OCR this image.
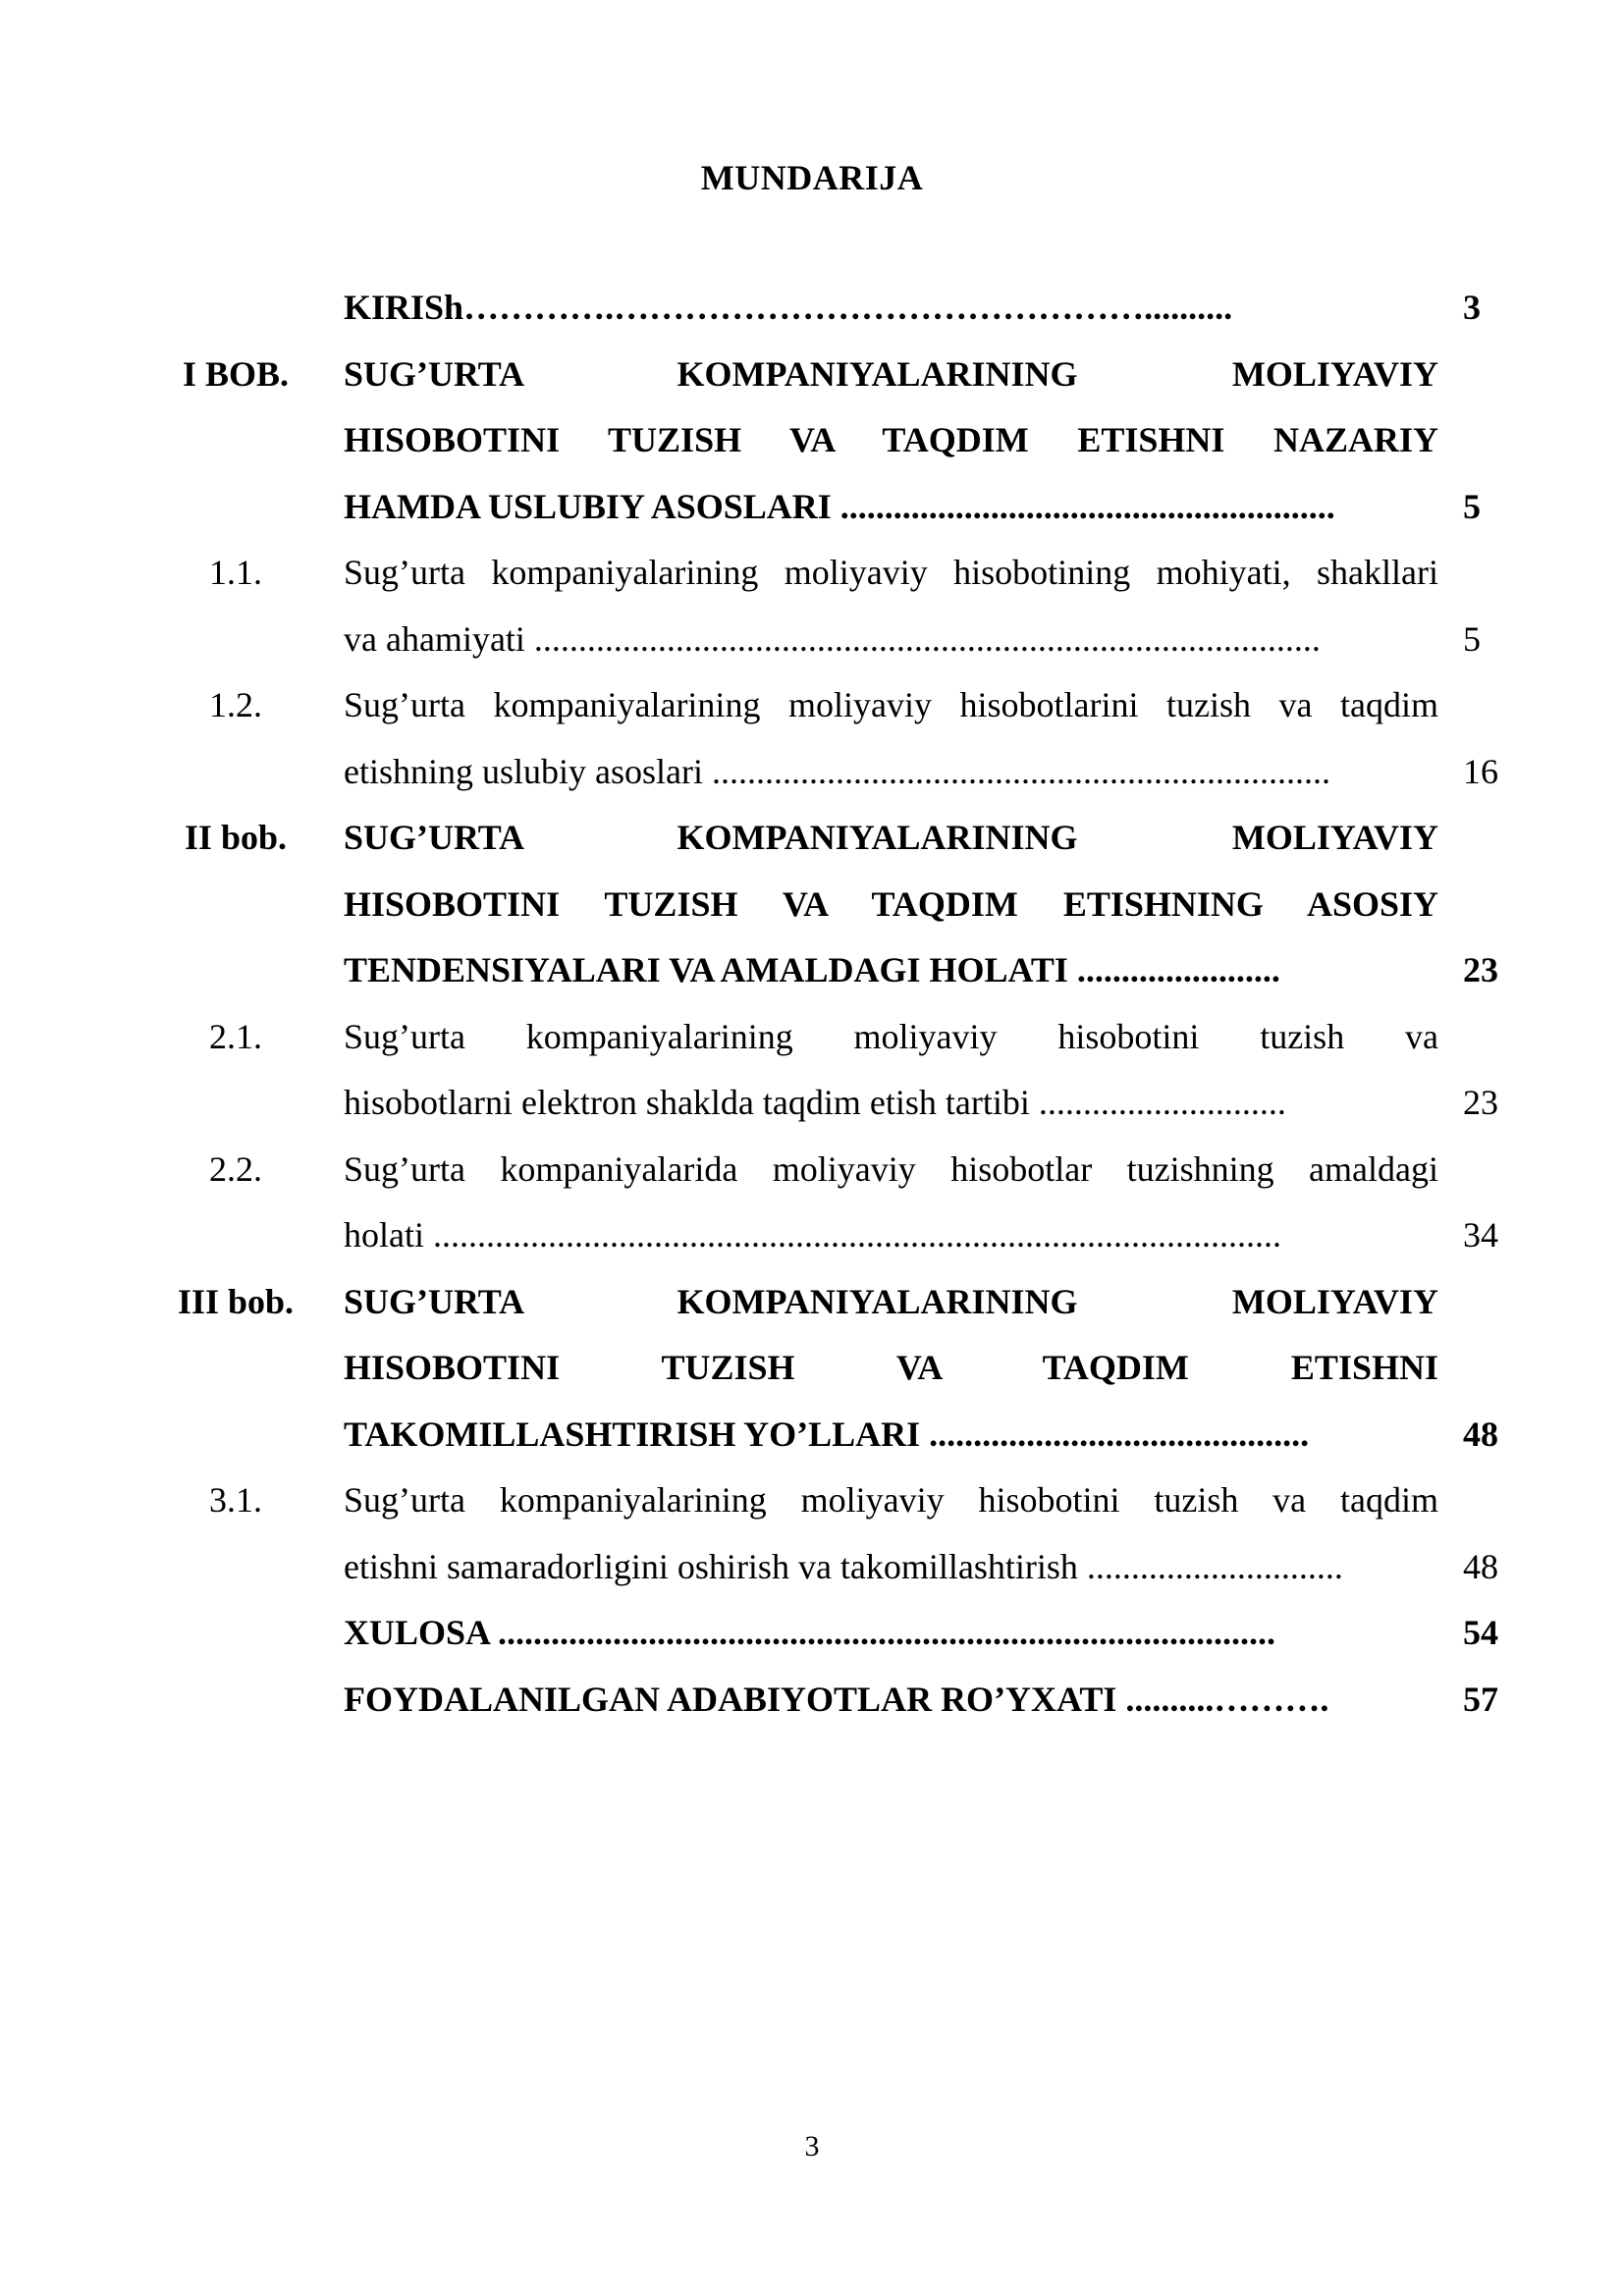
MUNDARIJA
KIRISh………….………………………………………..........	3
I BOB.	SUG’URTA KOMPANIYALARINING MOLIYAVIY
HISOBOTINI TUZISH VA TAQDIM ETISHNI NAZARIY
HAMDA USLUBIY ASOSLARI ........................................................	5
1.1.	Sug’urta kompaniyalarining moliyaviy hisobotining mohiyati, shakllari
va ahamiyati .........................................................................................	5
1.2.	Sug’urta kompaniyalarining moliyaviy hisobotlarini tuzish va taqdim
etishning uslubiy asoslari ......................................................................	16
II bob.	SUG’URTA KOMPANIYALARINING MOLIYAVIY
HISOBOTINI TUZISH VA TAQDIM ETISHNING ASOSIY
TENDENSIYALARI VA AMALDAGI HOLATI .......................	23
2.1.	Sug’urta kompaniyalarining moliyaviy hisobotini tuzish va
hisobotlarni elektron shaklda taqdim etish tartibi ............................	23
2.2.	Sug’urta kompaniyalarida moliyaviy hisobotlar tuzishning amaldagi
holati ................................................................................................	34
III bob.	SUG’URTA KOMPANIYALARINING MOLIYAVIY
HISOBOTINI TUZISH VA TAQDIM ETISHNI
TAKOMILLASHTIRISH YO’LLARI ...........................................	48
3.1.	Sug’urta kompaniyalarining moliyaviy hisobotini tuzish va taqdim
etishni samaradorligini oshirish va takomillashtirish .............................	48
XULOSA ........................................................................................	54
FOYDALANILGAN ADABIYOTLAR RO’YXATI ..........……….	57
3
